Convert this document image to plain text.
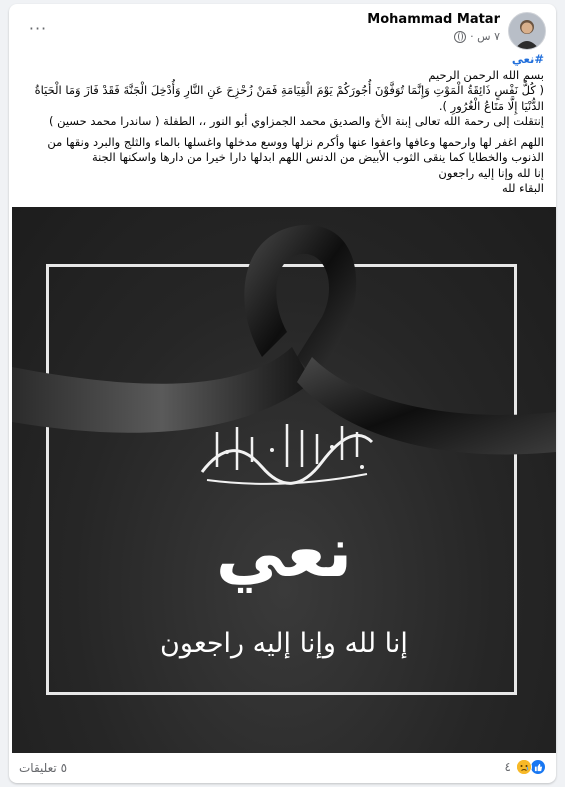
···	Mohammad Matar
٧ س ·

#نعي

بسم الله الرحمن الرحيم

( كُلُّ نَفْسٍ ذَائِقَةُ الْمَوْتِ وَإِنَّمَا تُوَفَّوْنَ أُجُورَكُمْ يَوْمَ الْقِيَامَةِ فَمَنْ زُحْزِحَ عَنِ النَّارِ وَأُدْخِلَ الْجَنَّةَ فَقَدْ فَازَ وَمَا الْحَيَاةُ الدُّنْيَا إِلَّا مَتَاعُ الْغُرُورِ ).

إنتقلت إلى رحمة الله تعالى إبنة الأخ والصديق محمد الجمزاوي أبو النور ،، الطفلة ( ساندرا محمد حسين )

اللهم اغفر لها وارحمها وعافها واعفوا عنها وأكرم نزلها ووسع مدخلها واغسلها بالماء والثلج والبرد ونقها من الذنوب والخطايا كما ينقى الثوب الأبيض من الدنس اللهم ابدلها دارا خيرا من دارها واسكنها الجنة

إنا لله وإنا إليه راجعون

البقاء لله

نعي
إنا لله وإنا إليه راجعون
٥ تعليقات	٤
